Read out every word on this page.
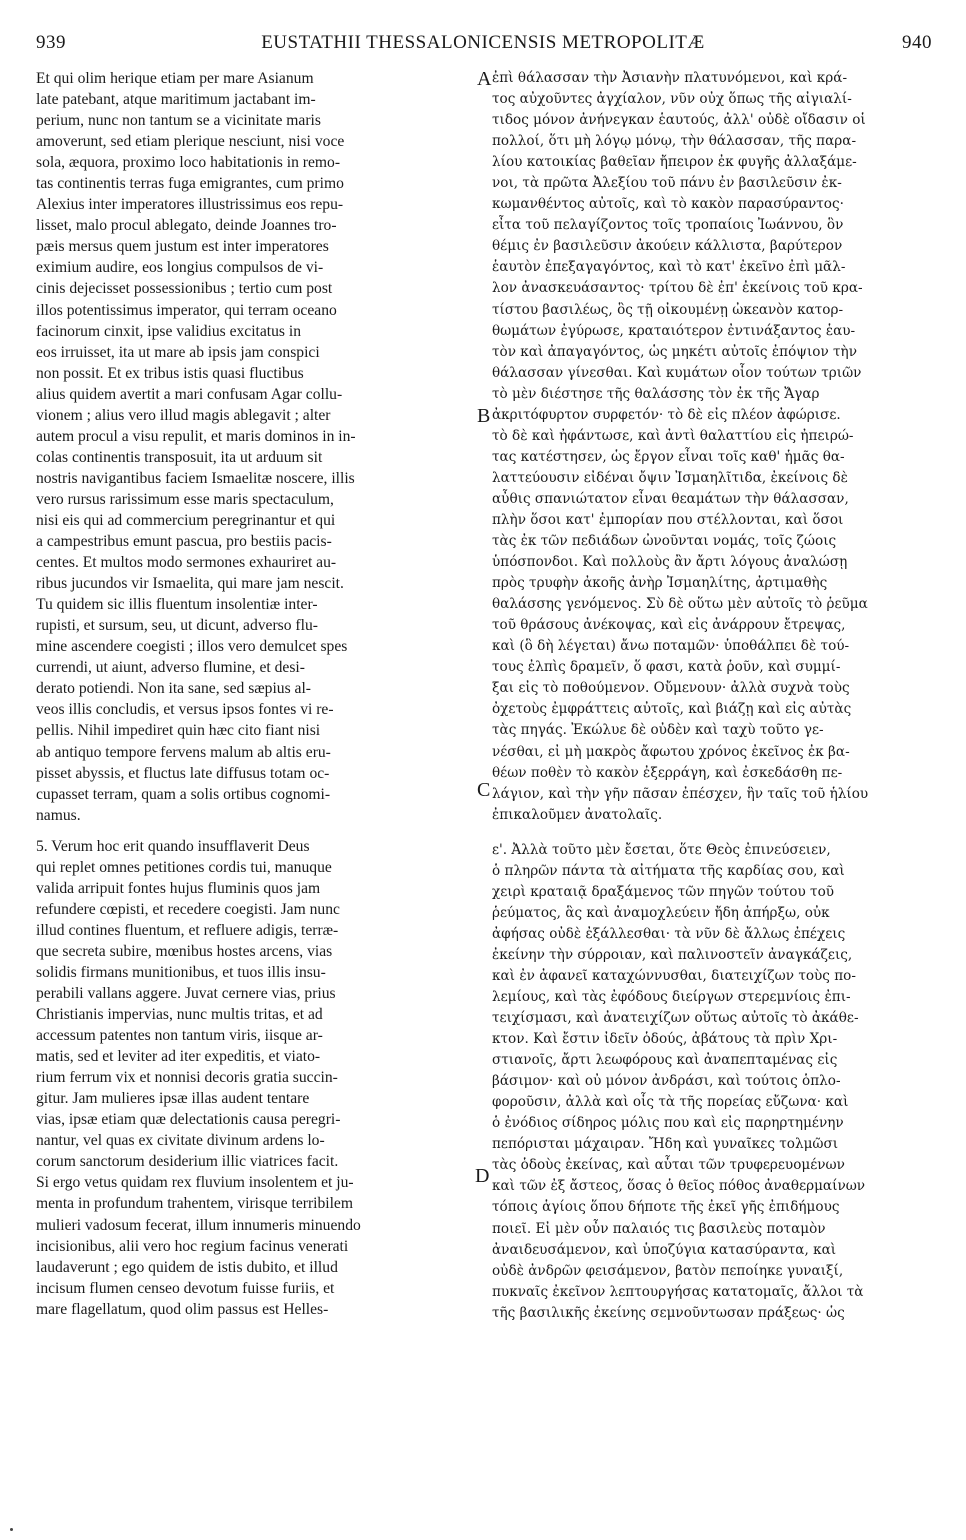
939	EUSTATHII THESSALONICENSIS METROPOLITÆ	940

Et qui olim herique etiam per mare Asianum
late patebant, atque maritimum jactabant im-
perium, nunc non tantum se a vicinitate maris
amoverunt, sed etiam plerique nesciunt, nisi voce
sola, æquora, proximo loco habitationis in remo-
tas continentis terras fuga emigrantes, cum primo
Alexius inter imperatores illustrissimus eos repu-
lisset, malo procul ablegato, deinde Joannes tro-
pæis mersus quem justum est inter imperatores
eximium audire, eos longius compulsos de vi-
cinis dejecisset possessionibus ; tertio cum post
illos potentissimus imperator, qui terram oceano
facinorum cinxit, ipse validius excitatus in
eos irruisset, ita ut mare ab ipsis jam conspici
non possit. Et ex tribus istis quasi fluctibus
alius quidem avertit a mari confusam Agar collu-
vionem ; alius vero illud magis ablegavit ; alter
autem procul a visu repulit, et maris dominos in in-
colas continentis transposuit, ita ut arduum sit
nostris navigantibus faciem Ismaelitæ noscere, illis
vero rursus rarissimum esse maris spectaculum,
nisi eis qui ad commercium peregrinantur et qui
a campestribus emunt pascua, pro bestiis pacis-
centes. Et multos modo sermones exhauriret au-
ribus jucundos vir Ismaelita, qui mare jam nescit.
Tu quidem sic illis fluentum insolentiæ inter-
rupisti, et sursum, seu, ut dicunt, adverso flu-
mine ascendere coegisti ; illos vero demulcet spes
currendi, ut aiunt, adverso flumine, et desi-
derato potiendi. Non ita sane, sed sæpius al-
veos illis concludis, et versus ipsos fontes vi re-
pellis. Nihil impediret quin hæc cito fiant nisi
ab antiquo tempore fervens malum ab altis eru-
pisset abyssis, et fluctus late diffusus totam oc-
cupasset terram, quam a solis ortibus cognomi-
namus.

5. Verum hoc erit quando insufflaverit Deus
qui replet omnes petitiones cordis tui, manuque
valida arripuit fontes hujus fluminis quos jam
refundere cœpisti, et recedere coegisti. Jam nunc
illud contines fluentum, et refluere adigis, terræ-
que secreta subire, mœnibus hostes arcens, vias
solidis firmans munitionibus, et tuos illis insu-
perabili vallans aggere. Juvat cernere vias, prius
Christianis impervias, nunc multis tritas, et ad
accessum patentes non tantum viris, iisque ar-
matis, sed et leviter ad iter expeditis, et viato-
rium ferrum vix et nonnisi decoris gratia succin-
gitur. Jam mulieres ipsæ illas audent tentare
vias, ipsæ etiam quæ delectationis causa peregri-
nantur, vel quas ex civitate divinum ardens lo-
corum sanctorum desiderium illic viatrices facit.
Si ergo vetus quidam rex fluvium insolentem et ju-
menta in profundum trahentem, virisque terribilem
mulieri vadosum fecerat, illum innumeris minuendo
incisionibus, alii vero hoc regium facinus venerati
laudaverunt ; ego quidem de istis dubito, et illud
incisum flumen censeo devotum fuisse furiis, et
mare flagellatum, quod olim passus est Helles-

ἐπὶ θάλασσαν τὴν Ἀσιανὴν πλατυνόμενοι, καὶ κρά-
τος αὐχοῦντες ἀγχίαλον, νῦν οὐχ ὅπως τῆς αἰγιαλί-
τιδος μόνον ἀνήνεγκαν ἑαυτούς, ἀλλ' οὐδὲ οἴδασιν οἱ
πολλοί, ὅτι μὴ λόγῳ μόνῳ, τὴν θάλασσαν, τῆς παρα-
λίου κατοικίας βαθεῖαν ἤπειρον ἐκ φυγῆς ἀλλαξάμε-
νοι, τὰ πρῶτα Ἀλεξίου τοῦ πάνυ ἐν βασιλεῦσιν ἐκ-
κωμανθέντος αὐτοῖς, καὶ τὸ κακὸν παρασύραντος·
εἶτα τοῦ πελαγίζοντος τοῖς τροπαίοις Ἰωάννου, ὃν
θέμις ἐν βασιλεῦσιν ἀκούειν κάλλιστα, βαρύτερον
ἑαυτὸν ἐπεξαγαγόντος, καὶ τὸ κατ' ἐκεῖνο ἐπὶ μᾶλ-
λον ἀνασκευάσαντος· τρίτου δὲ ἐπ' ἐκείνοις τοῦ κρα-
τίστου βασιλέως, ὃς τῇ οἰκουμένῃ ὠκεανὸν κατορ-
θωμάτων ἐγύρωσε, κραταιότερον ἐντινάξαντος ἑαυ-
τὸν καὶ ἀπαγαγόντος, ὡς μηκέτι αὐτοῖς ἐπόψιον τὴν
θάλασσαν γίνεσθαι. Καὶ κυμάτων οἷον τούτων τριῶν
τὸ μὲν διέστησε τῆς θαλάσσης τὸν ἐκ τῆς Ἄγαρ
ἀκριτόφυρτον συρφετόν· τὸ δὲ εἰς πλέον ἀφώρισε.
τὸ δὲ καὶ ἠφάντωσε, καὶ ἀντὶ θαλαττίου εἰς ἠπειρώ-
τας κατέστησεν, ὡς ἔργον εἶναι τοῖς καθ' ἡμᾶς θα-
λαττεύουσιν εἰδέναι ὄψιν Ἰσμαηλῖτιδα, ἐκείνοις δὲ
αὖθις σπανιώτατον εἶναι θεαμάτων τὴν θάλασσαν,
πλὴν ὅσοι κατ' ἐμπορίαν που στέλλονται, καὶ ὅσοι
τὰς ἐκ τῶν πεδιάδων ὠνοῦνται νομάς, τοῖς ζώοις
ὑπόσπονδοι. Καὶ πολλοὺς ἂν ἄρτι λόγους ἀναλώσῃ
πρὸς τρυφὴν ἀκοῆς ἀνὴρ Ἰσμαηλίτης, ἀρτιμαθὴς
θαλάσσης γενόμενος. Σὺ δὲ οὕτω μὲν αὐτοῖς τὸ ῥεῦμα
τοῦ θράσους ἀνέκοψας, καὶ εἰς ἀνάρρουν ἔτρεψας,
καὶ (ὃ δὴ λέγεται) ἄνω ποταμῶν· ὑποθάλπει δὲ τού-
τους ἐλπὶς δραμεῖν, ὅ φασι, κατὰ ῥοῦν, καὶ συμμί-
ξαι εἰς τὸ ποθούμενον. Οὔμενουν· ἀλλὰ συχνὰ τοὺς
ὀχετοὺς ἐμφράττεις αὐτοῖς, καὶ βιάζῃ καὶ εἰς αὐτὰς
τὰς πηγάς. Ἐκώλυε δὲ οὐδὲν καὶ ταχὺ τοῦτο γε-
νέσθαι, εἰ μὴ μακρὸς ἄφωτου χρόνος ἐκεῖνος ἐκ βα-
θέων ποθὲν τὸ κακὸν ἐξερράγη, καὶ ἐσκεδάσθη πε-
λάγιον, καὶ τὴν γῆν πᾶσαν ἐπέσχεν, ἣν ταῖς τοῦ ἡλίου
ἐπικαλοῦμεν ἀνατολαῖς.

ε'. Ἀλλὰ τοῦτο μὲν ἔσεται, ὅτε Θεὸς ἐπινεύσειεν,
ὁ πληρῶν πάντα τὰ αἰτήματα τῆς καρδίας σου, καὶ
χειρὶ κραταιᾷ δραξάμενος τῶν πηγῶν τούτου τοῦ
ῥεύματος, ἃς καὶ ἀναμοχλεύειν ἤδη ἀπήρξω, οὐκ
ἀφήσας οὐδὲ ἐξάλλεσθαι· τὰ νῦν δὲ ἄλλως ἐπέχεις
ἐκείνην τὴν σύρροιαν, καὶ παλινοστεῖν ἀναγκάζεις,
καὶ ἐν ἀφανεῖ καταχώννυσθαι, διατειχίζων τοὺς πο-
λεμίους, καὶ τὰς ἐφόδους διείργων στερεμνίοις ἐπι-
τειχίσμασι, καὶ ἀνατειχίζων οὕτως αὐτοῖς τὸ ἀκάθε-
κτον. Καὶ ἔστιν ἰδεῖν ὁδούς, ἀβάτους τὰ πρὶν Χρι-
στιανοῖς, ἄρτι λεωφόρους καὶ ἀναπεπταμένας εἰς
βάσιμον· καὶ οὐ μόνον ἀνδράσι, καὶ τούτοις ὁπλο-
φοροῦσιν, ἀλλὰ καὶ οἷς τὰ τῆς πορείας εὔζωνα· καὶ
ὁ ἐνόδιος σίδηρος μόλις που καὶ εἰς παρηρτημένην
πεπόρισται μάχαιραν. Ἤδη καὶ γυναῖκες τολμῶσι
τὰς ὁδοὺς ἐκείνας, καὶ αὗται τῶν τρυφερευομένων
καὶ τῶν ἐξ ἄστεος, ὅσας ὁ θεῖος πόθος ἀναθερμαίνων
τόποις ἁγίοις ὅπου δήποτε τῆς ἐκεῖ γῆς ἐπιδήμους
ποιεῖ. Εἰ μὲν οὖν παλαιός τις βασιλεὺς ποταμὸν
ἀναιδευσάμενον, καὶ ὑποζύγια κατασύραντα, καὶ
οὐδὲ ἀνδρῶν φεισάμενον, βατὸν πεποίηκε γυναιξί,
πυκναῖς ἐκεῖνον λεπτουργήσας κατατομαῖς, ἄλλοι τὰ
τῆς βασιλικῆς ἐκείνης σεμνοῦντωσαν πράξεως· ὡς

A
B
C
D
